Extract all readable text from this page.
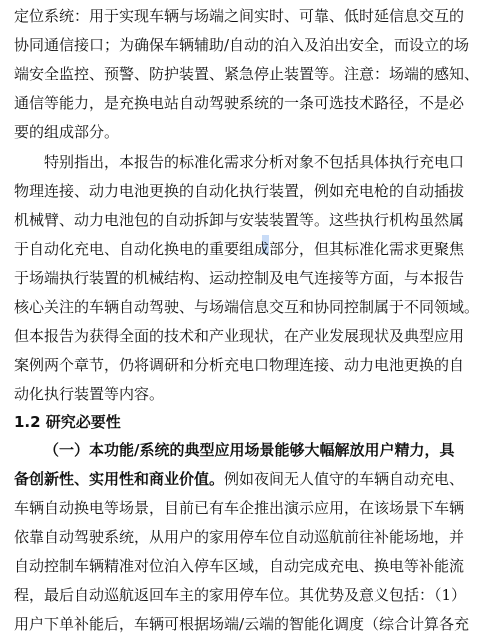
定位系统：用于实现车辆与场端之间实时、可靠、低时延信息交互的
协同通信接口；为确保车辆辅助/自动的泊入及泊出安全，而设立的场
端安全监控、预警、防护装置、紧急停止装置等。注意：场端的感知、
通信等能力，是充换电站自动驾驶系统的一条可选技术路径，不是必
要的组成部分。
特别指出，本报告的标准化需求分析对象不包括具体执行充电口
物理连接、动力电池更换的自动化执行装置，例如充电枪的自动插拔
机械臂、动力电池包的自动拆卸与安装装置等。这些执行机构虽然属
于自动化充电、自动化换电的重要组成部分，但其标准化需求更聚焦
于场端执行装置的机械结构、运动控制及电气连接等方面，与本报告
核心关注的车辆自动驾驶、与场端信息交互和协同控制属于不同领域。
但本报告为获得全面的技术和产业现状，在产业发展现状及典型应用
案例两个章节，仍将调研和分析充电口物理连接、动力电池更换的自
动化执行装置等内容。
1.2 研究必要性
（一）本功能/系统的典型应用场景能够大幅解放用户精力，具
备创新性、实用性和商业价值。例如夜间无人值守的车辆自动充电、
车辆自动换电等场景，目前已有车企推出演示应用，在该场景下车辆
依靠自动驾驶系统，从用户的家用停车位自动巡航前往补能场地，并
自动控制车辆精准对位泊入停车区域，自动完成充电、换电等补能流
程，最后自动巡航返回车主的家用停车位。其优势及意义包括：（1）
用户下单补能后，车辆可根据场端/云端的智能化调度（综合计算各充
